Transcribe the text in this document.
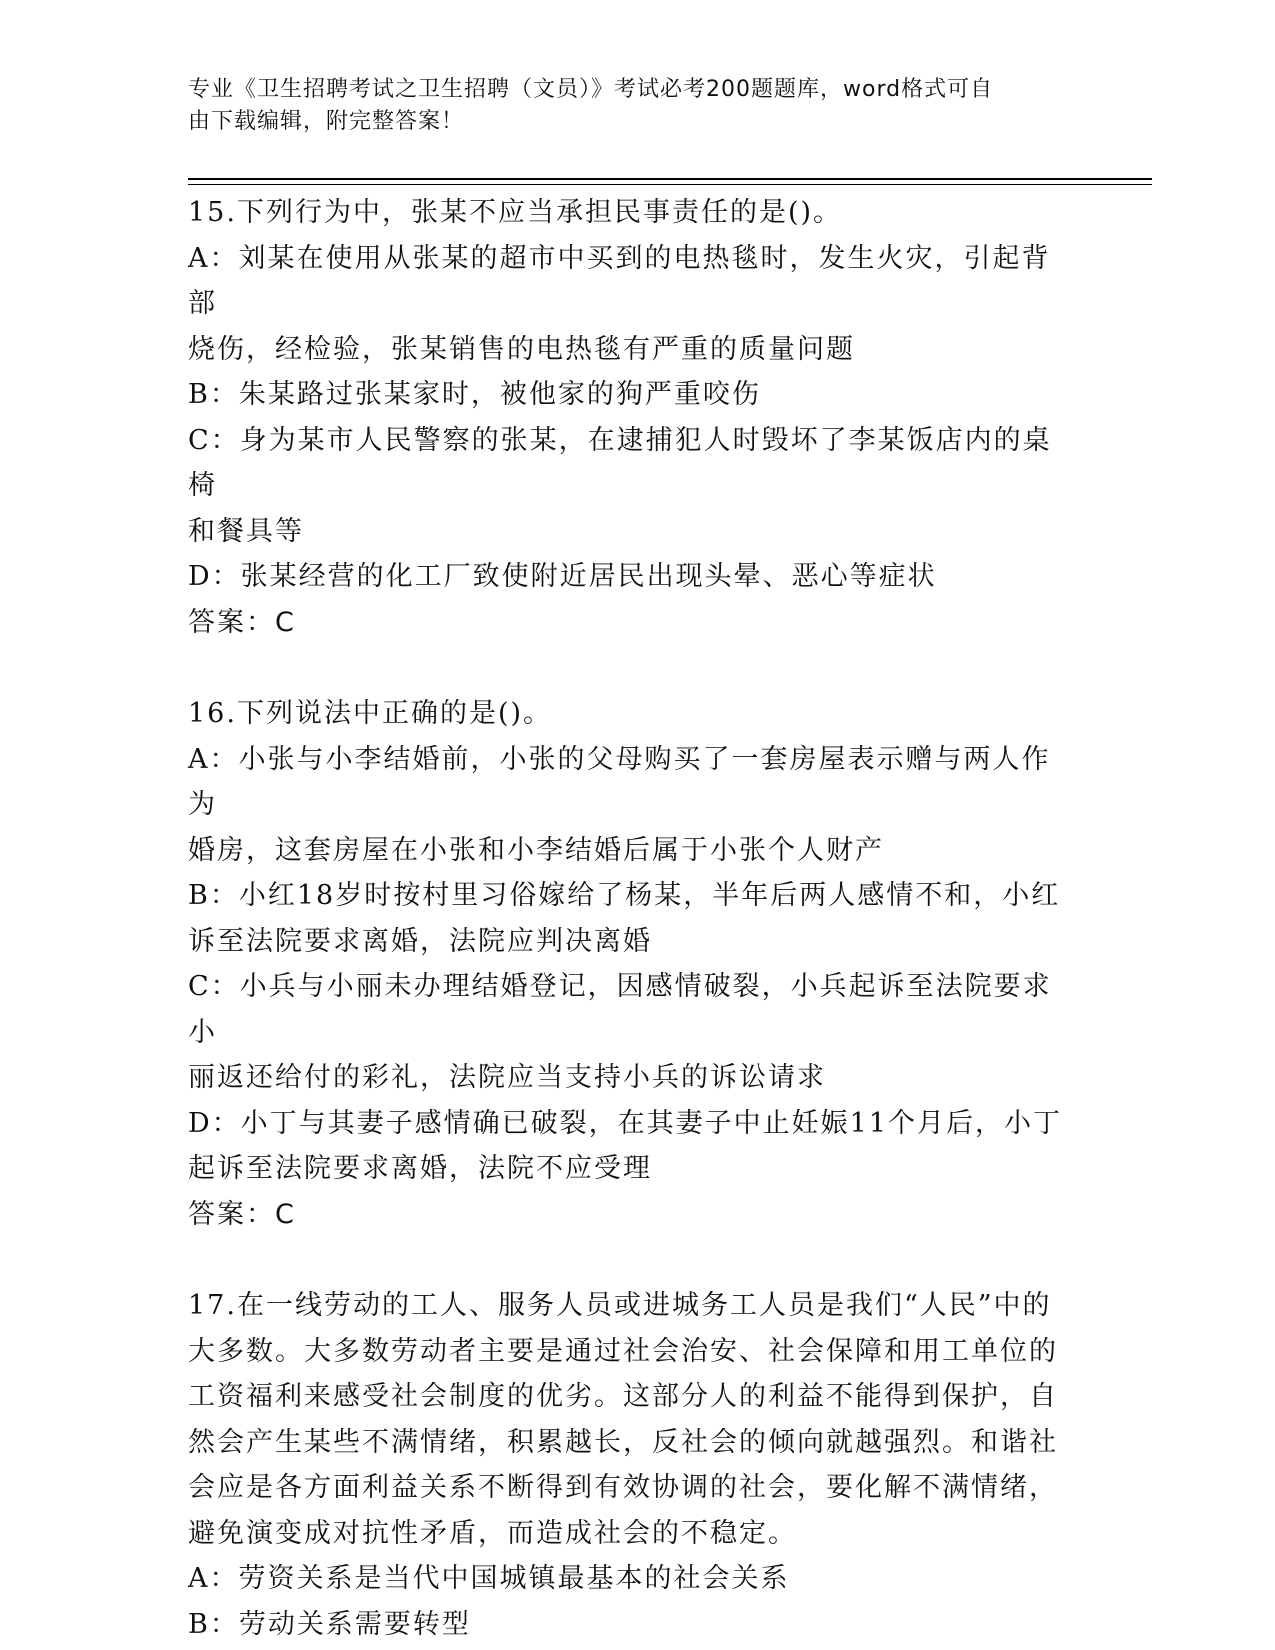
专业《卫生招聘考试之卫生招聘（文员）》考试必考200题题库，word格式可自
由下载编辑，附完整答案！

15.下列行为中，张某不应当承担民事责任的是()。

A：刘某在使用从张某的超市中买到的电热毯时，发生火灾，引起背部

烧伤，经检验，张某销售的电热毯有严重的质量问题

B：朱某路过张某家时，被他家的狗严重咬伤

C：身为某市人民警察的张某，在逮捕犯人时毁坏了李某饭店内的桌椅

和餐具等

D：张某经营的化工厂致使附近居民出现头晕、恶心等症状

答案：C

16.下列说法中正确的是()。

A：小张与小李结婚前，小张的父母购买了一套房屋表示赠与两人作为

婚房，这套房屋在小张和小李结婚后属于小张个人财产

B：小红18岁时按村里习俗嫁给了杨某，半年后两人感情不和，小红

诉至法院要求离婚，法院应判决离婚

C：小兵与小丽未办理结婚登记，因感情破裂，小兵起诉至法院要求小

丽返还给付的彩礼，法院应当支持小兵的诉讼请求

D：小丁与其妻子感情确已破裂，在其妻子中止妊娠11个月后，小丁

起诉至法院要求离婚，法院不应受理

答案：C

17.在一线劳动的工人、服务人员或进城务工人员是我们“人民”中的

大多数。大多数劳动者主要是通过社会治安、社会保障和用工单位的

工资福利来感受社会制度的优劣。这部分人的利益不能得到保护，自

然会产生某些不满情绪，积累越长，反社会的倾向就越强烈。和谐社

会应是各方面利益关系不断得到有效协调的社会，要化解不满情绪，

避免演变成对抗性矛盾，而造成社会的不稳定。

A：劳资关系是当代中国城镇最基本的社会关系

B：劳动关系需要转型
